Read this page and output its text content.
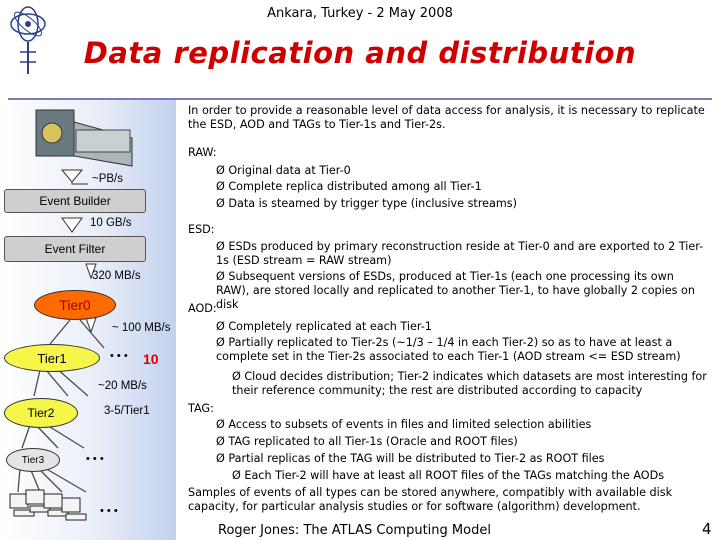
Ankara, Turkey - 2 May 2008
Data replication and distribution
~PB/s
Event Builder
10 GB/s
Event Filter
320 MB/s
Tier0
~ 100 MB/s
Tier1	• • • 10
~20 MB/s
Tier2	3-5/Tier1
Tier3	• • •
• • •
In order to provide a reasonable level of data access for analysis, it is necessary to replicate the ESD, AOD and TAGs to Tier-1s and Tier-2s.
RAW:
Ø Original data at Tier-0
Ø Complete replica distributed among all Tier-1
Ø Data is steamed by trigger type (inclusive streams)
ESD:
Ø ESDs produced by primary reconstruction reside at Tier-0 and are exported to 2 Tier-1s (ESD stream = RAW stream)
Ø Subsequent versions of ESDs, produced at Tier-1s (each one processing its own RAW), are stored locally and replicated to another Tier-1, to have globally 2 copies on disk
AOD:
Ø Completely replicated at each Tier-1
Ø Partially replicated to Tier-2s (~1/3 – 1/4 in each Tier-2) so as to have at least a complete set in the Tier-2s associated to each Tier-1 (AOD stream <= ESD stream)
Ø Cloud decides distribution; Tier-2 indicates which datasets are most interesting for their reference community; the rest are distributed according to capacity
TAG:
Ø Access to subsets of events in files and limited selection abilities
Ø TAG replicated to all Tier-1s (Oracle and ROOT files)
Ø Partial replicas of the TAG will be distributed to Tier-2 as ROOT files
Ø Each Tier-2 will have at least all ROOT files of the TAGs matching the AODs
Samples of events of all types can be stored anywhere, compatibly with available disk capacity, for particular analysis studies or for software (algorithm) development.
Roger Jones: The ATLAS Computing Model	4
